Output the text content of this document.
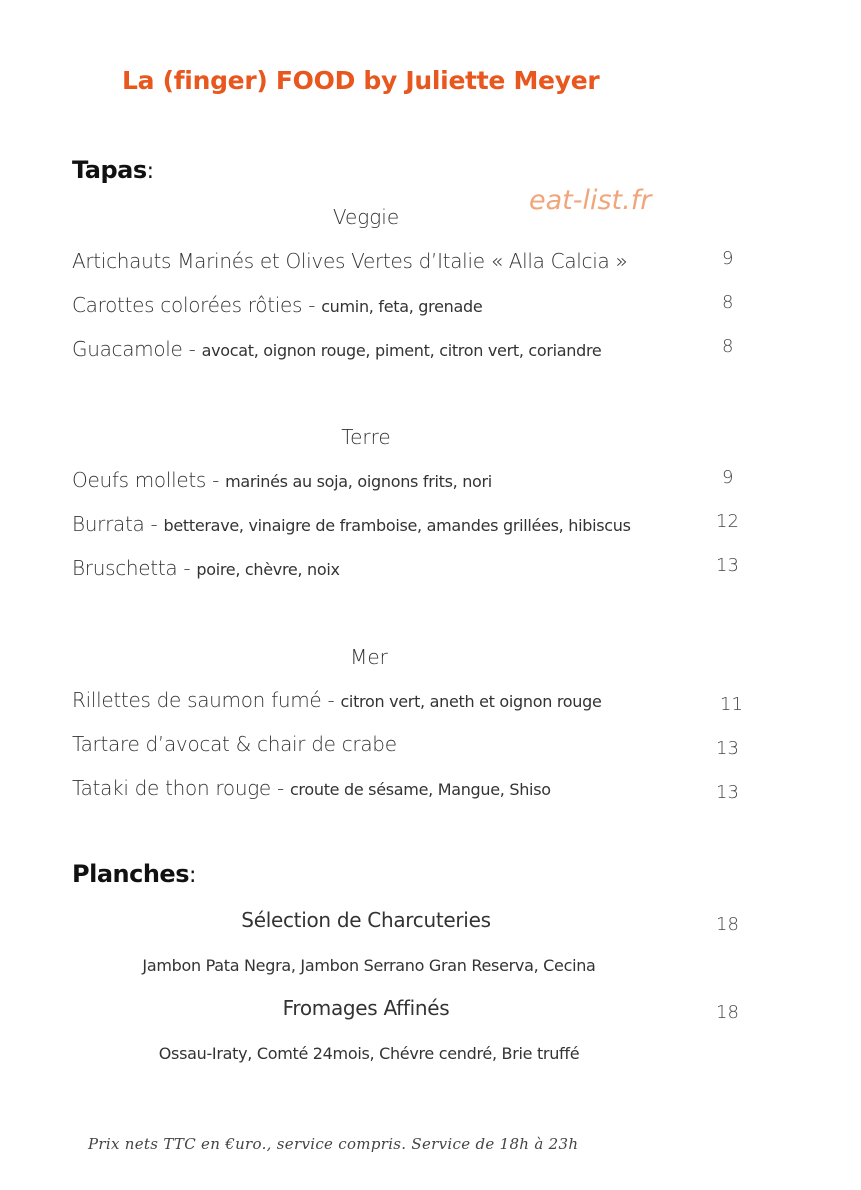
La (finger) FOOD by Juliette Meyer
Tapas:
eat-list.fr
Veggie
Artichauts Marinés et Olives Vertes d’Italie « Alla Calcia »	9
Carottes colorées rôties - cumin, feta, grenade	8
Guacamole - avocat, oignon rouge, piment, citron vert, coriandre	8
Terre
Oeufs mollets - marinés au soja, oignons frits, nori	9
Burrata - betterave, vinaigre de framboise, amandes grillées, hibiscus	12
Bruschetta - poire, chèvre, noix	13
Mer
Rillettes de saumon fumé - citron vert, aneth et oignon rouge	11
Tartare d’avocat & chair de crabe	13
Tataki de thon rouge - croute de sésame, Mangue, Shiso	13
Planches:
Sélection de Charcuteries	18
Jambon Pata Negra, Jambon Serrano Gran Reserva, Cecina
Fromages Affinés	18
Ossau-Iraty, Comté 24mois, Chévre cendré, Brie truffé
Prix nets TTC en €uro., service compris. Service de 18h à 23h
